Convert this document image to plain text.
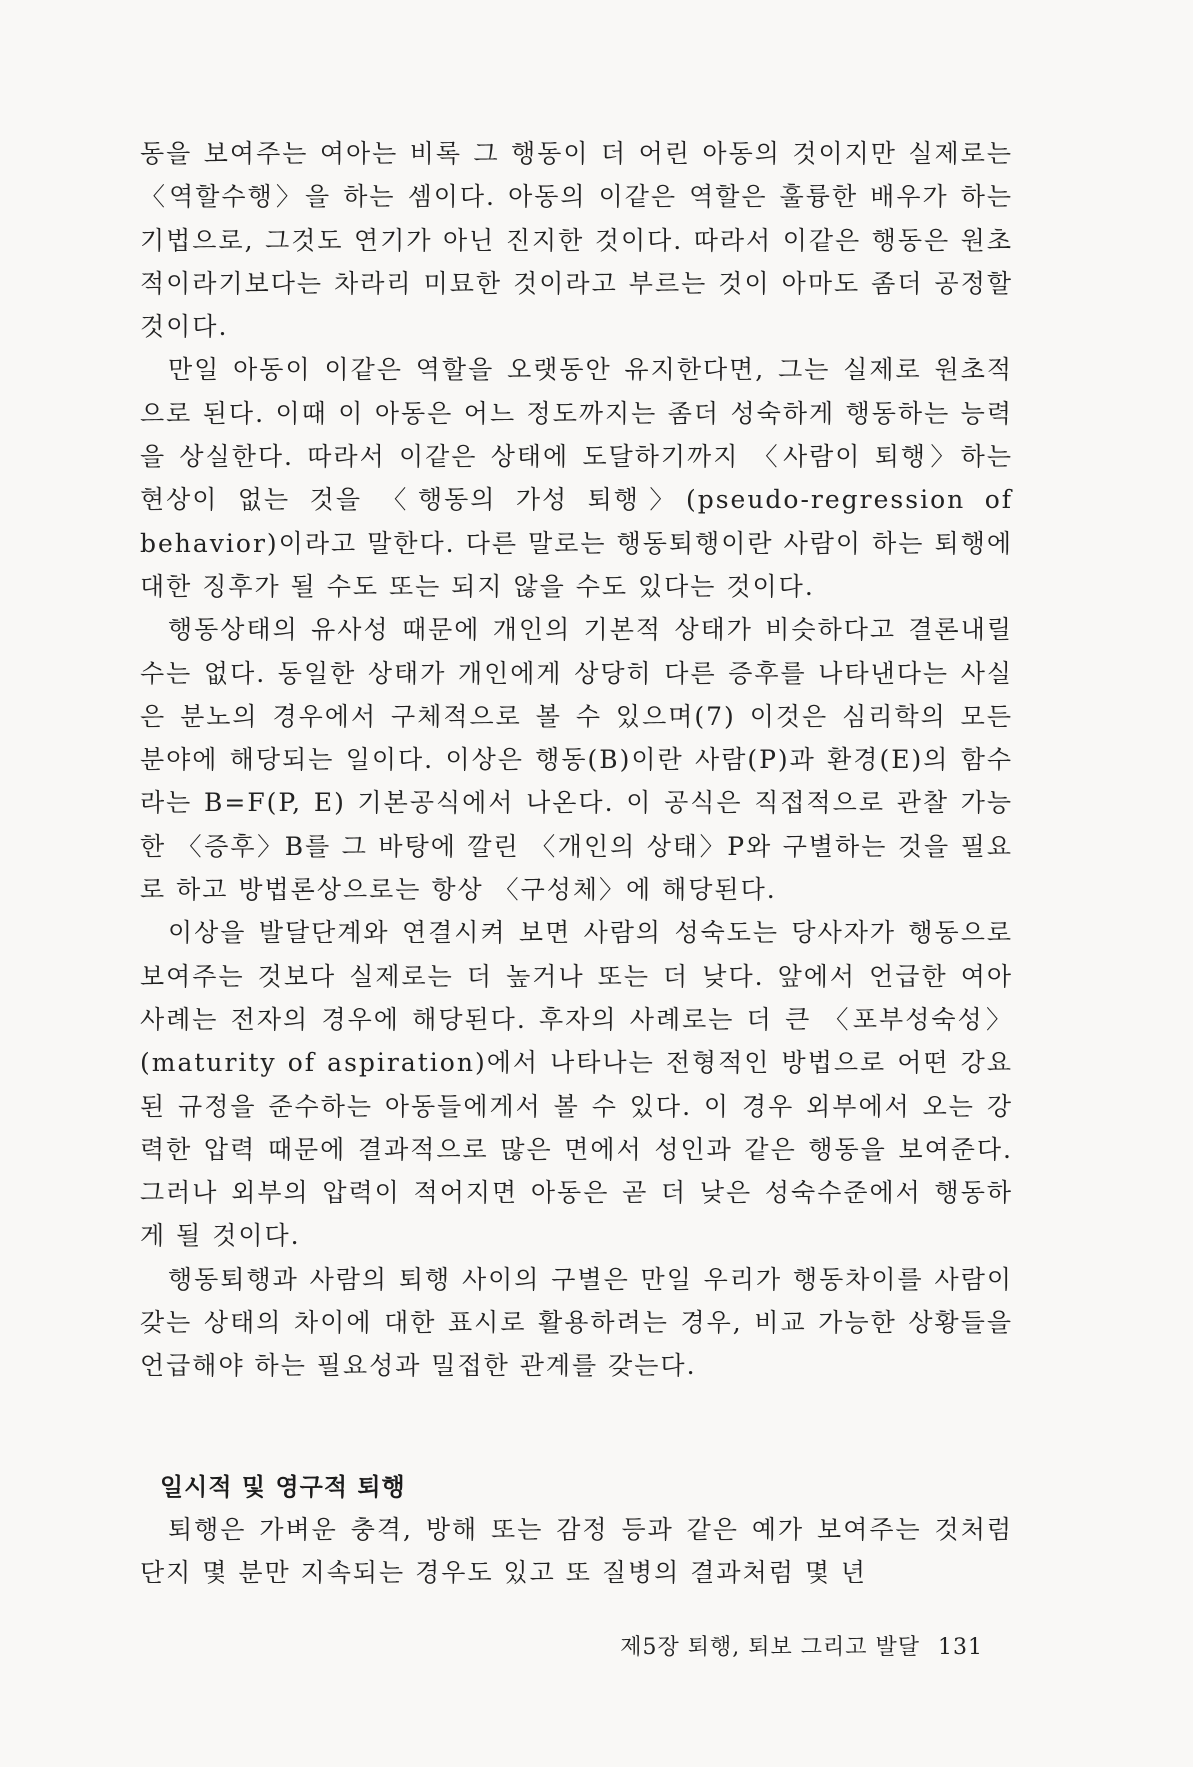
동을 보여주는 여아는 비록 그 행동이 더 어린 아동의 것이지만 실제로는 〈역할수행〉을 하는 셈이다. 아동의 이같은 역할은 훌륭한 배우가 하는 기법으로, 그것도 연기가 아닌 진지한 것이다. 따라서 이같은 행동은 원초적이라기보다는 차라리 미묘한 것이라고 부르는 것이 아마도 좀더 공정할 것이다.

만일 아동이 이같은 역할을 오랫동안 유지한다면, 그는 실제로 원초적으로 된다. 이때 이 아동은 어느 정도까지는 좀더 성숙하게 행동하는 능력을 상실한다. 따라서 이같은 상태에 도달하기까지 〈사람이 퇴행〉하는 현상이 없는 것을 〈행동의 가성 퇴행〉(pseudo-regression of behavior)이라고 말한다. 다른 말로는 행동퇴행이란 사람이 하는 퇴행에 대한 징후가 될 수도 또는 되지 않을 수도 있다는 것이다.

행동상태의 유사성 때문에 개인의 기본적 상태가 비슷하다고 결론내릴 수는 없다. 동일한 상태가 개인에게 상당히 다른 증후를 나타낸다는 사실은 분노의 경우에서 구체적으로 볼 수 있으며(7) 이것은 심리학의 모든 분야에 해당되는 일이다. 이상은 행동(B)이란 사람(P)과 환경(E)의 함수라는 B=F(P, E) 기본공식에서 나온다. 이 공식은 직접적으로 관찰 가능한 〈증후〉B를 그 바탕에 깔린 〈개인의 상태〉P와 구별하는 것을 필요로 하고 방법론상으로는 항상 〈구성체〉에 해당된다.

이상을 발달단계와 연결시켜 보면 사람의 성숙도는 당사자가 행동으로 보여주는 것보다 실제로는 더 높거나 또는 더 낮다. 앞에서 언급한 여아 사례는 전자의 경우에 해당된다. 후자의 사례로는 더 큰 〈포부성숙성〉(maturity of aspiration)에서 나타나는 전형적인 방법으로 어떤 강요된 규정을 준수하는 아동들에게서 볼 수 있다. 이 경우 외부에서 오는 강력한 압력 때문에 결과적으로 많은 면에서 성인과 같은 행동을 보여준다. 그러나 외부의 압력이 적어지면 아동은 곧 더 낮은 성숙수준에서 행동하게 될 것이다.

행동퇴행과 사람의 퇴행 사이의 구별은 만일 우리가 행동차이를 사람이 갖는 상태의 차이에 대한 표시로 활용하려는 경우, 비교 가능한 상황들을 언급해야 하는 필요성과 밀접한 관계를 갖는다.

일시적 및 영구적 퇴행
퇴행은 가벼운 충격, 방해 또는 감정 등과 같은 예가 보여주는 것처럼 단지 몇 분만 지속되는 경우도 있고 또 질병의 결과처럼 몇 년
제5장 퇴행, 퇴보 그리고 발달 131
